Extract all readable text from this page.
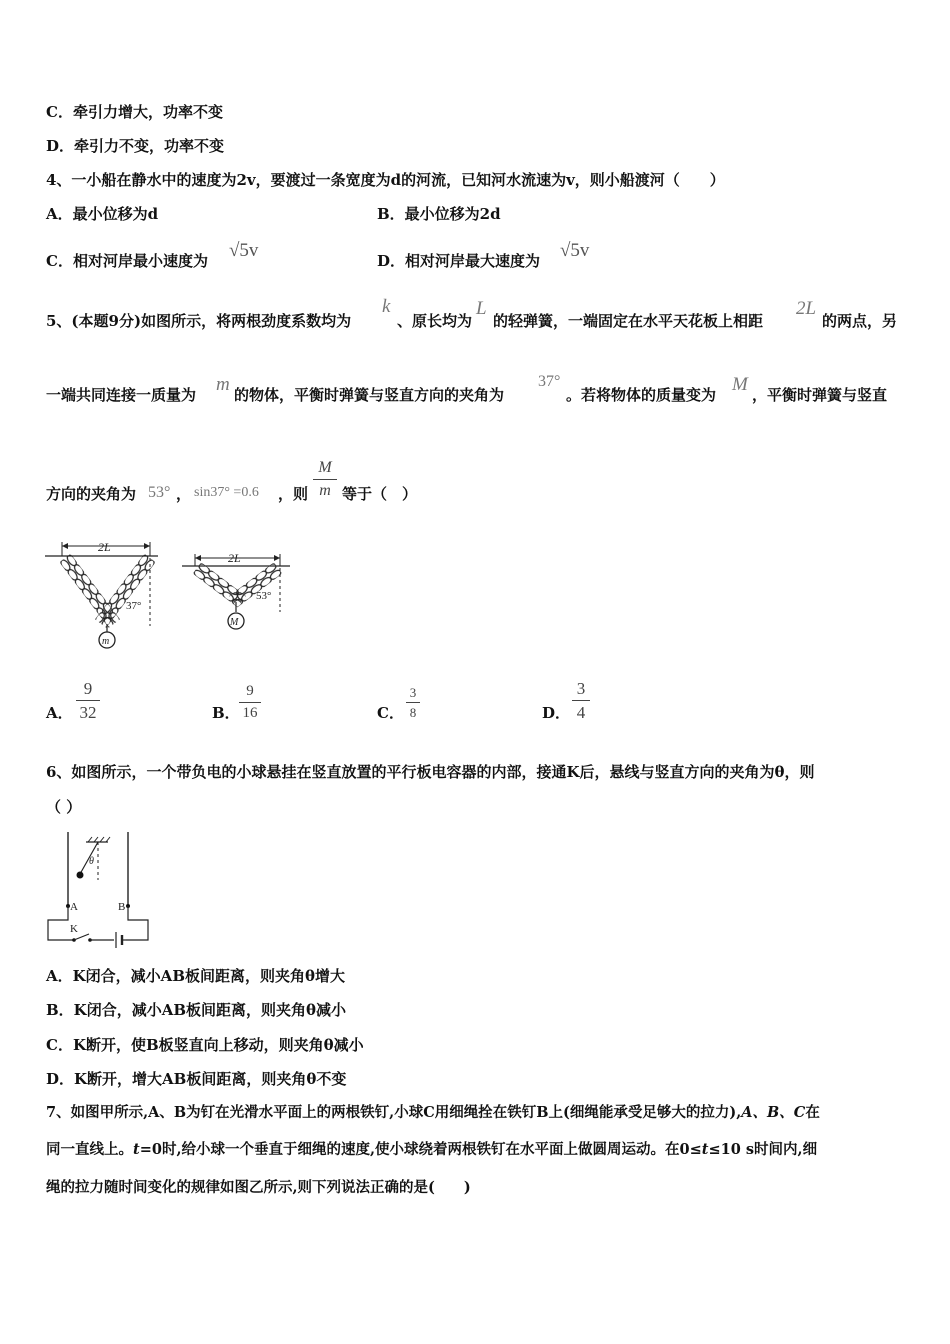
C．牵引力增大，功率不变
D．牵引力不变，功率不变
4、一小船在静水中的速度为2v，要渡过一条宽度为d的河流，已知河水流速为v，则小船渡河（　　）
A．最小位移为d	B．最小位移为2d
C．相对河岸最小速度为 √5v	D．相对河岸最大速度为 √5v
5、(本题9分)如图所示，将两根劲度系数均为
k
、原长均为
L
的轻弹簧，一端固定在水平天花板上相距
2L
的两点，另
一端共同连接一质量为 m 的物体，平衡时弹簧与竖直方向的夹角为
37°
。若将物体的质量变为 M ，平衡时弹簧与竖直
方向的夹角为 53° ， sin37° =0.6 ，则
M
m 等于（　）
2L
37°
m
2L
53°
M
A．
9
32	B．
9
16	C．
3
8	D．
3
4
6、如图所示，一个带负电的小球悬挂在竖直放置的平行板电容器的内部，接通K后，悬线与竖直方向的夹角为θ，则
（ ）
θ
A	B
K
A．K闭合，减小AB板间距离，则夹角θ增大
B．K闭合，减小AB板间距离，则夹角θ减小
C．K断开，使B板竖直向上移动，则夹角θ减小
D．K断开，增大AB板间距离，则夹角θ不变
7、如图甲所示,A、B为钉在光滑水平面上的两根铁钉,小球C用细绳拴在铁钉B上(细绳能承受足够大的拉力),A、B、C在
同一直线上。t=0时,给小球一个垂直于细绳的速度,使小球绕着两根铁钉在水平面上做圆周运动。在0≤t≤10 s时间内,细
绳的拉力随时间变化的规律如图乙所示,则下列说法正确的是(　　)
